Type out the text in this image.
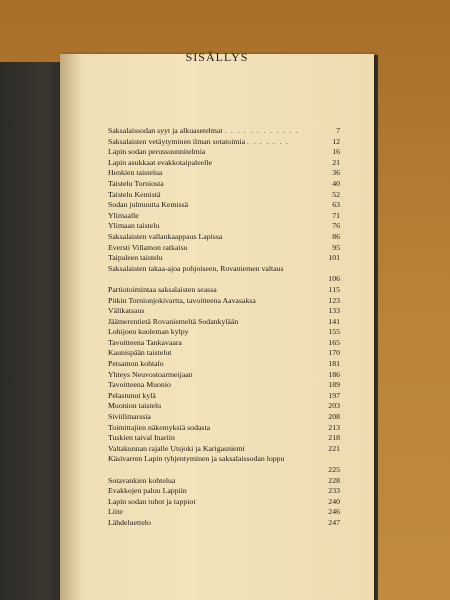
SISÄLLYS
Saksalaissodan syyt ja alkuasetelmat . . . . . . . . . . . .	7
Saksalaisten vetäytyminen ilman sotatoimia . . . . . . .	12
Lapin sodan perussuunnitelmia	16
Lapin asukkaat evakkotaipaleelle	21
Henkien taistelua	36
Taistelu Torniosta	40
Taistelu Kemistä	52
Sodan julmuutta Kemissä	63
Ylimaalle	71
Ylimaan taistelu	76
Saksalaisten vallankaappaus Lapissa	86
Eversti Villamon ratkaisu	95
Taipaleen taistelu	101
Saksalaisten takaa-ajoa pohjoiseen, Rovaniemen valtaus
106
Partiotoimintaa saksalaisten seassa	115
Pitkin Tornionjokivartta, tavoitteena Aavasaksa	123
Välikatsaus	133
Jäämerentietä Rovaniemeltä Sodankylään	141
Lohijoen kuoleman kylpy	155
Tavoitteena Tankavaara	165
Kaunispään taistelut	170
Petsamon kohtalo	181
Yhteys Neuvostoarmeijaan	186
Tavoitteena Muonio	189
Pelastunut kylä	197
Muonion taistelu	203
Siviilimarssia	208
Toimittajien näkemyksiä sodasta	213
Tuskien taival Inariin	218
Valtakunnan rajalle Utsjoki ja Karigasniemi	221
Käsivarren Lapin tyhjentyminen ja saksalaissodan loppu
225
Sotavankien kohtelua	228
Evakkojen paluu Lappiin	233
Lapin sodan tuhot ja tappiot	240
Liite	246
Lähdeluettelo	247
